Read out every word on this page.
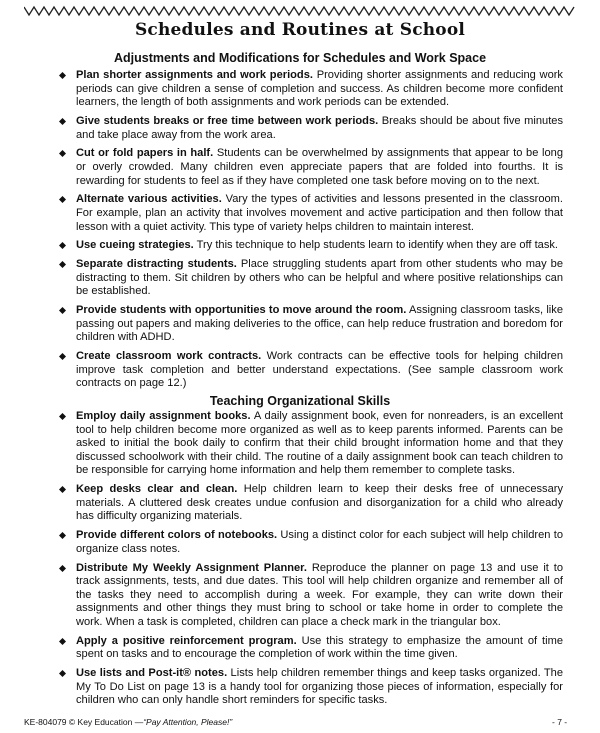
Schedules and Routines at School
Adjustments and Modifications for Schedules and Work Space
Plan shorter assignments and work periods. Providing shorter assignments and reducing work periods can give children a sense of completion and success. As children become more confident learners, the length of both assignments and work periods can be extended.
Give students breaks or free time between work periods. Breaks should be about five minutes and take place away from the work area.
Cut or fold papers in half. Students can be overwhelmed by assignments that appear to be long or overly crowded. Many children even appreciate papers that are folded into fourths. It is rewarding for students to feel as if they have completed one task before moving on to the next.
Alternate various activities. Vary the types of activities and lessons presented in the classroom. For example, plan an activity that involves movement and active participation and then follow that lesson with a quiet activity. This type of variety helps children to maintain interest.
Use cueing strategies. Try this technique to help students learn to identify when they are off task.
Separate distracting students. Place struggling students apart from other students who may be distracting to them. Sit children by others who can be helpful and where positive relationships can be established.
Provide students with opportunities to move around the room. Assigning classroom tasks, like passing out papers and making deliveries to the office, can help reduce frustration and boredom for children with ADHD.
Create classroom work contracts. Work contracts can be effective tools for helping children improve task completion and better understand expectations. (See sample classroom work contracts on page 12.)
Teaching Organizational Skills
Employ daily assignment books. A daily assignment book, even for nonreaders, is an excellent tool to help children become more organized as well as to keep parents informed. Parents can be asked to initial the book daily to confirm that their child brought information home and that they discussed schoolwork with their child. The routine of a daily assignment book can teach children to be responsible for carrying home information and help them remember to complete tasks.
Keep desks clear and clean. Help children learn to keep their desks free of unnecessary materials. A cluttered desk creates undue confusion and disorganization for a child who already has difficulty organizing materials.
Provide different colors of notebooks. Using a distinct color for each subject will help children to organize class notes.
Distribute My Weekly Assignment Planner. Reproduce the planner on page 13 and use it to track assignments, tests, and due dates. This tool will help children organize and remember all of the tasks they need to accomplish during a week. For example, they can write down their assignments and other things they must bring to school or take home in order to complete the work. When a task is completed, children can place a check mark in the triangular box.
Apply a positive reinforcement program. Use this strategy to emphasize the amount of time spent on tasks and to encourage the completion of work within the time given.
Use lists and Post-it® notes. Lists help children remember things and keep tasks organized. The My To Do List on page 13 is a handy tool for organizing those pieces of information, especially for children who can only handle short reminders for specific tasks.
KE-804079 © Key Education —“Pay Attention, Please!”	- 7 -
